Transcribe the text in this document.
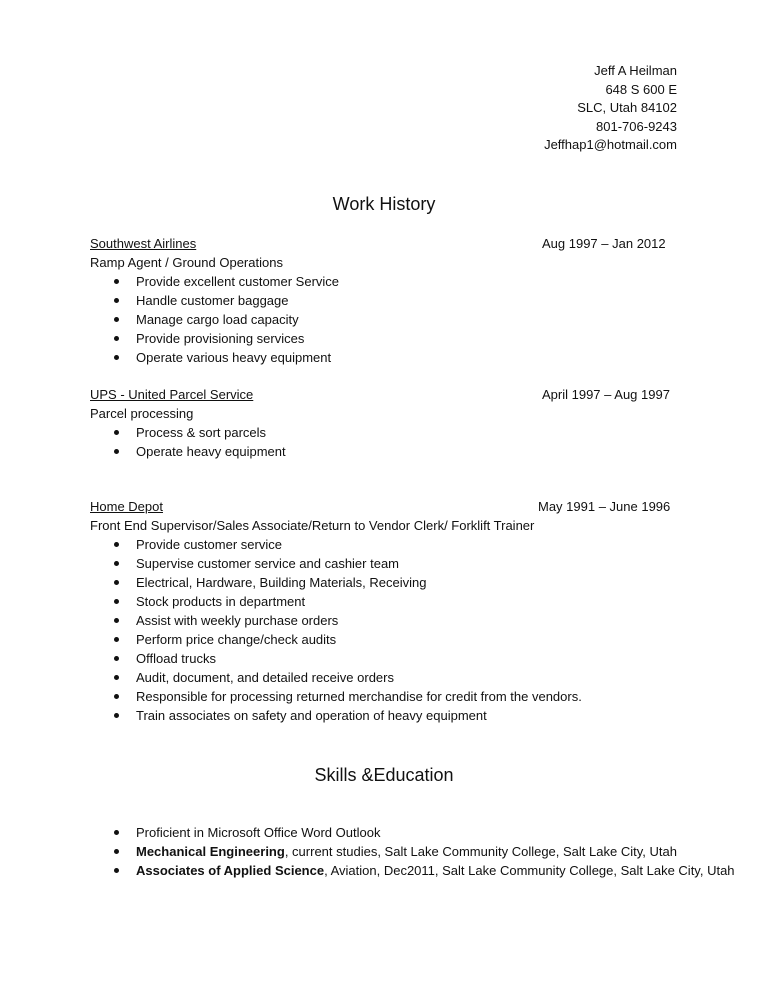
Jeff A Heilman
648 S 600 E
SLC, Utah 84102
801-706-9243
Jeffhap1@hotmail.com
Work History
Southwest Airlines	Aug 1997 – Jan 2012
Ramp Agent / Ground Operations
Provide excellent customer Service
Handle customer baggage
Manage cargo load capacity
Provide provisioning services
Operate various heavy equipment
UPS - United Parcel Service	April 1997 – Aug 1997
Parcel processing
Process & sort parcels
Operate heavy equipment
Home Depot	May 1991 – June 1996
Front End Supervisor/Sales Associate/Return to Vendor Clerk/ Forklift Trainer
Provide customer service
Supervise customer service and cashier team
Electrical, Hardware, Building Materials, Receiving
Stock products in department
Assist with weekly purchase orders
Perform price change/check audits
Offload trucks
Audit, document, and detailed receive orders
Responsible for processing returned merchandise for credit from the vendors.
Train associates on safety and operation of heavy equipment
Skills &Education
Proficient in Microsoft Office Word Outlook
Mechanical Engineering, current studies, Salt Lake Community College, Salt Lake City, Utah
Associates of Applied Science, Aviation, Dec2011, Salt Lake Community College, Salt Lake City, Utah
